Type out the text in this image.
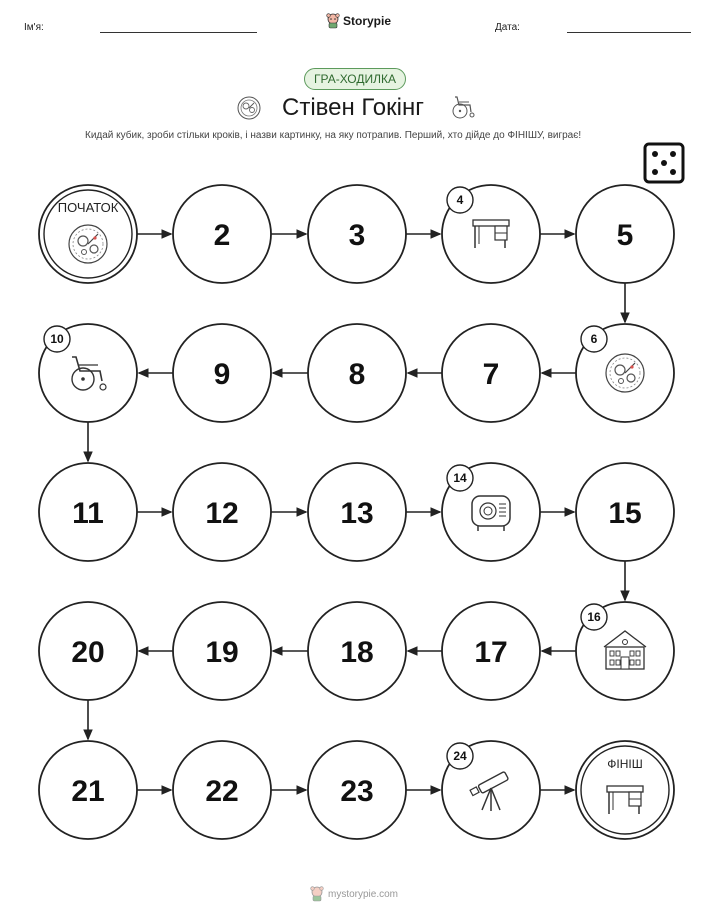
Ім'я:	Storypie	Дата:
ГРА-ХОДИЛКА
Стівен Гокінг
Кидай кубик, зроби стільки кроків, і назви картинку, на яку потрапив. Перший, хто дійде до ФІНІШУ, виграє!
ПОЧАТОК
2	3
4
5
6
7
8
9
10
11	12	13
14
15
16
17
18
19
20
21	22	23
24
ФІНІШ
mystorypie.com
